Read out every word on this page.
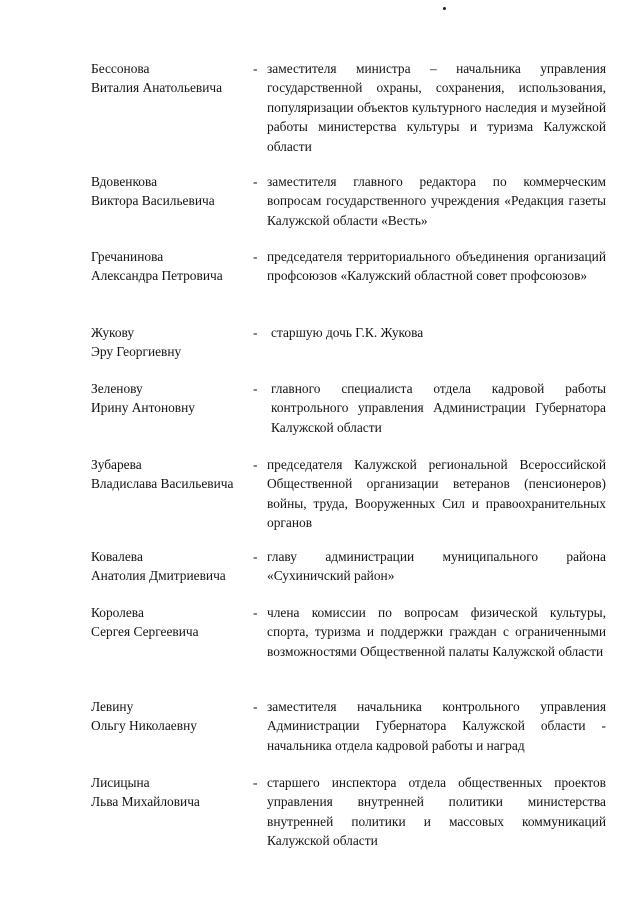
Бессонова
Виталия Анатольевича
- заместителя министра – начальника управления государственной охраны, сохранения, использования, популяризации объектов культурного наследия и музейной работы министерства культуры и туризма Калужской области
Вдовенкова
Виктора Васильевича
- заместителя главного редактора по коммерческим вопросам государственного учреждения «Редакция газеты Калужской области «Весть»
Гречанинова
Александра Петровича
- председателя территориального объединения организаций профсоюзов «Калужский областной совет профсоюзов»
Жукову
Эру Георгиевну
- старшую дочь Г.К. Жукова
Зеленову
Ирину Антоновну
- главного специалиста отдела кадровой работы контрольного управления Администрации Губернатора Калужской области
Зубарева
Владислава Васильевича
- председателя Калужской региональной Всероссийской Общественной организации ветеранов (пенсионеров) войны, труда, Вооруженных Сил и правоохранительных органов
Ковалева
Анатолия Дмитриевича
- главу администрации муниципального района «Сухиничский район»
Королева
Сергея Сергеевича
- члена комиссии по вопросам физической культуры, спорта, туризма и поддержки граждан с ограниченными возможностями Общественной палаты Калужской области
Левину
Ольгу Николаевну
- заместителя начальника контрольного управления Администрации Губернатора Калужской области - начальника отдела кадровой работы и наград
Лисицына
Льва Михайловича
- старшего инспектора отдела общественных проектов управления внутренней политики министерства внутренней политики и массовых коммуникаций Калужской области
